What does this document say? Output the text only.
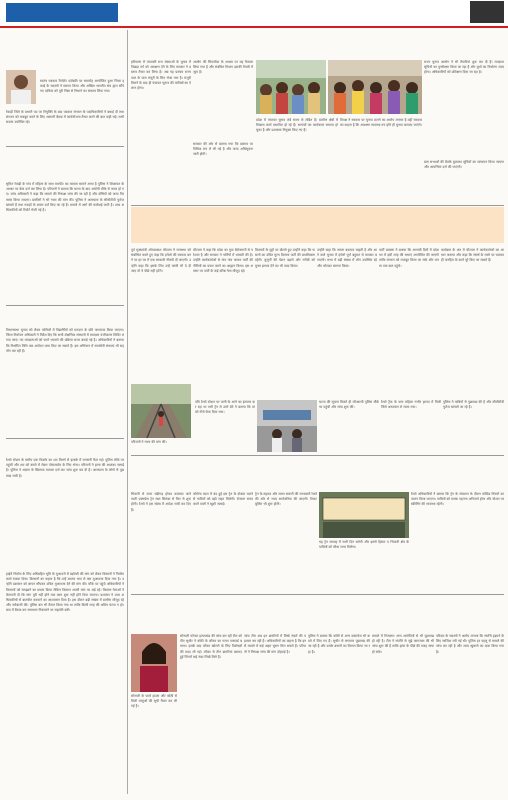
स्वतंत्र पत्रकार रिपोर्टर पदोन्नति पर समारोह आयोजित हुआ जिला इकाई के सदस्यों ने स्वागत किया और अखिल भारतीय संघ द्वारा सौंपे गए दायित्व को पूरी निष्ठा से निभाने का संकल्प लिया गया।
रेवाड़ी जिले के प्रभारी पद पर नियुक्ति के बाद पत्रकार संगठन के पदाधिकारियों ने बधाई दी तथा संगठन को मजबूत करने के लिए आगामी बैठक में कार्ययोजना तैयार करने की बात कही गई। सभी सदस्य उपस्थित रहे।
सुमित रेवाड़ी के गांव में महिला के साथ मारपीट का मामला सामने आया है पुलिस ने शिकायत के आधार पर केस दर्ज कर लिया है। परिजनों ने बताया कि घटना के बाद आरोपी मौके से फरार हो गए। जांच अधिकारी ने कहा कि मामले की निष्पक्ष जांच की जा रही है और दोषियों को जल्द गिरफ्तार किया जाएगा। ग्रामीणों ने भी न्याय की मांग की। पुलिस ने आसपास के सीसीटीवी फुटेज खंगाले हैं तथा गवाहों के बयान दर्ज किए जा रहे हैं। मामले में आगे की कार्रवाई जारी है। उच्च अधिकारियों को रिपोर्ट भेजी गई है।
विधानसभा चुनाव को लेकर कॉलेजों में विद्यार्थियों को मतदान के प्रति जागरूक किया जाएगा। जिला निर्वाचन अधिकारी ने निर्देश दिए कि सभी शैक्षणिक संस्थानों में मतदाता पंजीकरण शिविर लगाए जाएं। नए मतदाताओं को फार्म भरवाने की प्रक्रिया सरल बनाई गई है। अधिकारियों ने बताया कि निर्धारित तिथि तक आवेदन जमा किए जा सकते हैं। इस अभियान में स्वयंसेवी संस्थाएं भी सहयोग कर रही हैं।
रेलवे स्टेशन के समीप एक किशोर का शव मिलने से इलाके में सनसनी फैल गई। पुलिस मौके पर पहुंची और शव को कब्जे में लेकर पोस्टमार्टम के लिए भेजा। परिजनों ने हत्या की आशंका जताई है। पुलिस ने अज्ञात के खिलाफ मामला दर्ज कर जांच शुरू कर दी है। आसपास के लोगों से पूछताछ जारी है।
हाईवे निर्माण के लिए अधिग्रहित भूमि के मुआवजे में बढ़ोतरी की मांग को लेकर किसानों ने निर्माण कार्य रुकवा दिया। किसानों का कहना है कि उन्हें बाजार भाव से कम मुआवजा दिया गया है। उन्होंने प्रशासन को ज्ञापन सौंपकर उचित मुआवजा देने की मांग की। मौके पर पहुंचे अधिकारियों ने किसानों को समझाने का प्रयास किया लेकिन किसान अपनी मांग पर अड़े रहे। किसान नेताओं ने चेतावनी दी कि मांग पूरी नहीं होने तक काम शुरू नहीं होने दिया जाएगा। प्रशासन ने उच्च अधिकारियों से बातचीत करवाने का आश्वासन दिया है। इस दौरान बड़ी संख्या में ग्रामीण मौजूद रहे और नारेबाजी की। पुलिस बल भी तैनात किया गया था ताकि किसी तरह की अप्रिय घटना न हो। बाद में बैठक कर समाधान निकालने पर सहमति बनी।
हरियाणा में पंचायती राज संस्थाओं के चुनाव में पिछड़ा वर्ग को आरक्षण देने के लिए सरकार ने प्रस्ताव तैयार कर लिया है। अब यह प्रस्ताव राज्यपाल के पास मंजूरी के लिए भेजा गया है। मंजूरी मिलने के बाद ही पंचायत चुनाव की तारीखों का ऐलान होगा।
आयोग की सिफारिश के आधार पर यह फैसला लिया गया है और संबंधित विभाग इसकी तैयारी में जुटा है।
सरकार की ओर से बताया गया कि प्रस्ताव पर विधिक राय ले ली गई है और जल्द अधिसूचना जारी होगी।
प्रदेश में पंचायत चुनाव लंबे समय से लंबित हैं। ग्रामीण क्षेत्रों में विकास कार्य प्रभावित हो रहे हैं। सरपंचों का कार्यकाल समाप्त हो चुका है और प्रशासक नियुक्त किए गए हैं।
विपक्ष ने सरकार पर चुनाव टालने का आरोप लगाया है वहीं सरकार का कहना है कि आरक्षण व्यवस्था तय होते ही चुनाव करवाए जाएंगे।
राज्य चुनाव आयोग ने भी तैयारियां शुरू कर दी हैं। मतदाता सूचियों का पुनरीक्षण किया जा रहा है और बूथों का निर्धारण जल्द होगा। अधिकारियों को प्रशिक्षण दिया जा रहा है।
ग्राम सभाओं की बैठकें बुलाकर सूचियों का सत्यापन किया जाएगा और आपत्तियां दर्ज की जाएंगी।
पूर्व मुख्यमंत्री ओमप्रकाश चौटाला ने जनसभा को संबोधित करते हुए कहा कि इनेलो की सरकार बनने पर हर घर में एक सरकारी नौकरी दी जाएगी। उन्होंने कहा कि इसके लिए उन्हें फांसी भी दे दी जाए तो वे पीछे नहीं हटेंगे।
चौटाला ने कहा कि प्रदेश का युवा बेरोजगारी से परेशान है और सरकार ने भर्तियों में धांधली की है। उन्होंने कार्यकर्ताओं से गांव गांव जाकर पार्टी की नीतियों का प्रचार करने का आह्वान किया। इस अवसर पर पार्टी के कई वरिष्ठ नेता मौजूद रहे।
किसानों के मुद्दों पर बोलते हुए उन्होंने कहा कि फसलों का उचित मूल्य दिलाना पार्टी की प्राथमिकता रहेगी। बुजुर्गों की पेंशन बढ़ाने और गरीबों को मुफ्त इलाज देने का भी वादा किया।
उन्होंने कहा कि जनता बदलाव चाहती है और आने वाले चुनाव में इनेलो पूर्ण बहुमत से सरकार बनाएगी। सभा में बड़ी संख्या में लोग उपस्थित रहे और जोरदार स्वागत किया।
पार्टी प्रवक्ता ने बताया कि आगामी दिनों में प्रदेशभर में इसी तरह की सभाएं आयोजित की जाएंगी ताकि संगठन को मजबूत किया जा सके और जनता तक बात पहुंचे।
कार्यक्रम के अंत में चौटाला ने कार्यकर्ताओं का आभार जताया और कहा कि संघर्ष के रास्ते पर चलकर ही जनहित के कार्य पूरे किए जा सकते हैं।
पति रेलवे स्टेशन पर पत्नी के आने का इंतजार कर रहा था तभी ट्रेन से उतरे बेटे ने बताया कि मां को नीचे फेंक दिया गया।
घटना की सूचना मिलते ही जीआरपी पुलिस मौके पर पहुंची और जांच शुरू की।
रेलवे ट्रैक के पास महिला गंभीर हालत में मिली जिसे अस्पताल ले जाया गया।
पुलिस ने यात्रियों से पूछताछ की है और सीसीटीवी फुटेज खंगाले जा रहे हैं।
परिजनों ने न्याय की मांग की।
भिवानी से वाया चंडीगढ़ होकर कालका जाने वाली एक्सप्रेस ट्रेन सात सितंबर से फिर से शुरू होगी। रेलवे ने इस संबंध में आदेश जारी कर दिए हैं।
कोरोना काल में बंद हुई इस ट्रेन के दोबारा चलने से यात्रियों को बड़ी राहत मिलेगी। रोजाना सफर करने वालों ने खुशी जताई।
ट्रेन के ठहराव और समय सारणी की जानकारी रेलवे की ओर से जल्द सार्वजनिक की जाएगी। टिकट बुकिंग भी शुरू होगी।
यह ट्रेन सप्ताह में सभी दिन चलेगी और इससे हिसार व भिवानी क्षेत्र के यात्रियों को सीधा लाभ मिलेगा।
रेलवे अधिकारियों ने बताया कि ट्रेन के संचालन के दौरान कोविड नियमों का पालन किया जाएगा। यात्रियों को मास्क पहनना अनिवार्य होगा और स्टेशन पर स्क्रीनिंग की व्यवस्था रहेगी।
सोनाली फोगाट हत्याकांड की जांच कर रही टीम को पीए सुधीर ने कोठी के लॉकर का गलत पासवर्ड बताया। इसके बाद लॉकर खोलने के लिए विशेषज्ञों की मदद ली गई। लॉकर से तीन डायरियां बरामद हुई जिनमें कई नंबर लिखे मिले हैं।
जांच टीम अब इन डायरियों में लिखे नंबरों की पड़ताल कर रही है। अधिकारियों का कहना है कि इनसे मामले में कई अहम सुराग मिल सकते हैं। परिजनों ने निष्पक्ष जांच की मांग दोहराई है।
पुलिस ने बताया कि कोठी से अन्य दस्तावेज भी कब्जे में लिए गए हैं। सुधीर से लगातार पूछताछ की जा रही है और उसके बयानों का मिलान किया जा रहा है।
मामले में गिरफ्तार अन्य आरोपियों से भी पूछताछ हो रही है। टीम ने संपत्ति से जुड़े कागजात की भी जांच शुरू की है ताकि हत्या के पीछे की वजह साफ हो सके।
परिवार के सदस्यों ने आरोप लगाया कि संपत्ति हड़पने के लिए साजिश रची गई थी। पुलिस हर पहलू से मामले की जांच कर रही है और जल्द खुलासे का दावा किया गया है।
सोनाली के फार्म हाउस और कोठी से मिली वस्तुओं की सूची तैयार कर ली गई है।
